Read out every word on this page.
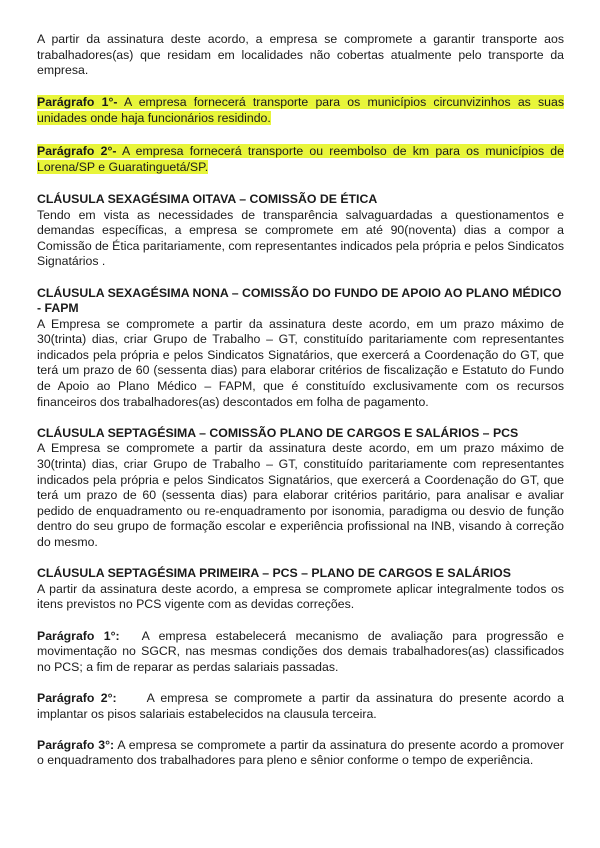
A partir da assinatura deste acordo, a empresa se compromete a garantir transporte aos trabalhadores(as) que residam em localidades não cobertas atualmente pelo transporte da empresa.

Parágrafo 1°- A empresa fornecerá transporte para os municípios circunvizinhos as suas unidades onde haja funcionários residindo.

Parágrafo 2°- A empresa fornecerá transporte ou reembolso de km para os municípios de Lorena/SP e Guaratinguetá/SP.

CLÁUSULA SEXAGÉSIMA OITAVA – COMISSÃO DE ÉTICA

Tendo em vista as necessidades de transparência salvaguardadas a questionamentos e demandas específicas, a empresa se compromete em até 90(noventa) dias a compor a Comissão de Ética paritariamente, com representantes indicados pela própria e pelos Sindicatos Signatários .

CLÁUSULA SEXAGÉSIMA NONA – COMISSÃO DO FUNDO DE APOIO AO PLANO MÉDICO - FAPM

A Empresa se compromete a partir da assinatura deste acordo, em um prazo máximo de 30(trinta) dias, criar Grupo de Trabalho – GT, constituído paritariamente com representantes indicados pela própria e pelos Sindicatos Signatários, que exercerá a Coordenação do GT, que terá um prazo de 60 (sessenta dias) para elaborar critérios de fiscalização e Estatuto do Fundo de Apoio ao Plano Médico – FAPM, que é constituído exclusivamente com os recursos financeiros dos trabalhadores(as) descontados em folha de pagamento.

CLÁUSULA SEPTAGÉSIMA – COMISSÃO PLANO DE CARGOS E SALÁRIOS – PCS

A Empresa se compromete a partir da assinatura deste acordo, em um prazo máximo de 30(trinta) dias, criar Grupo de Trabalho – GT, constituído paritariamente com representantes indicados pela própria e pelos Sindicatos Signatários, que exercerá a Coordenação do GT, que terá um prazo de 60 (sessenta dias) para elaborar critérios paritário, para analisar e avaliar pedido de enquadramento ou re-enquadramento por isonomia, paradigma ou desvio de função dentro do seu grupo de formação escolar e experiência profissional na INB, visando à correção do mesmo.

CLÁUSULA SEPTAGÉSIMA PRIMEIRA – PCS – PLANO DE CARGOS E SALÁRIOS

A partir da assinatura deste acordo, a empresa se compromete aplicar integralmente todos os itens previstos no PCS vigente com as devidas correções.

Parágrafo 1°: A empresa estabelecerá mecanismo de avaliação para progressão e movimentação no SGCR, nas mesmas condições dos demais trabalhadores(as) classificados no PCS; a fim de reparar as perdas salariais passadas.

Parágrafo 2°: A empresa se compromete a partir da assinatura do presente acordo a implantar os pisos salariais estabelecidos na clausula terceira.

Parágrafo 3°: A empresa se compromete a partir da assinatura do presente acordo a promover o enquadramento dos trabalhadores para pleno e sênior conforme o tempo de experiência.
